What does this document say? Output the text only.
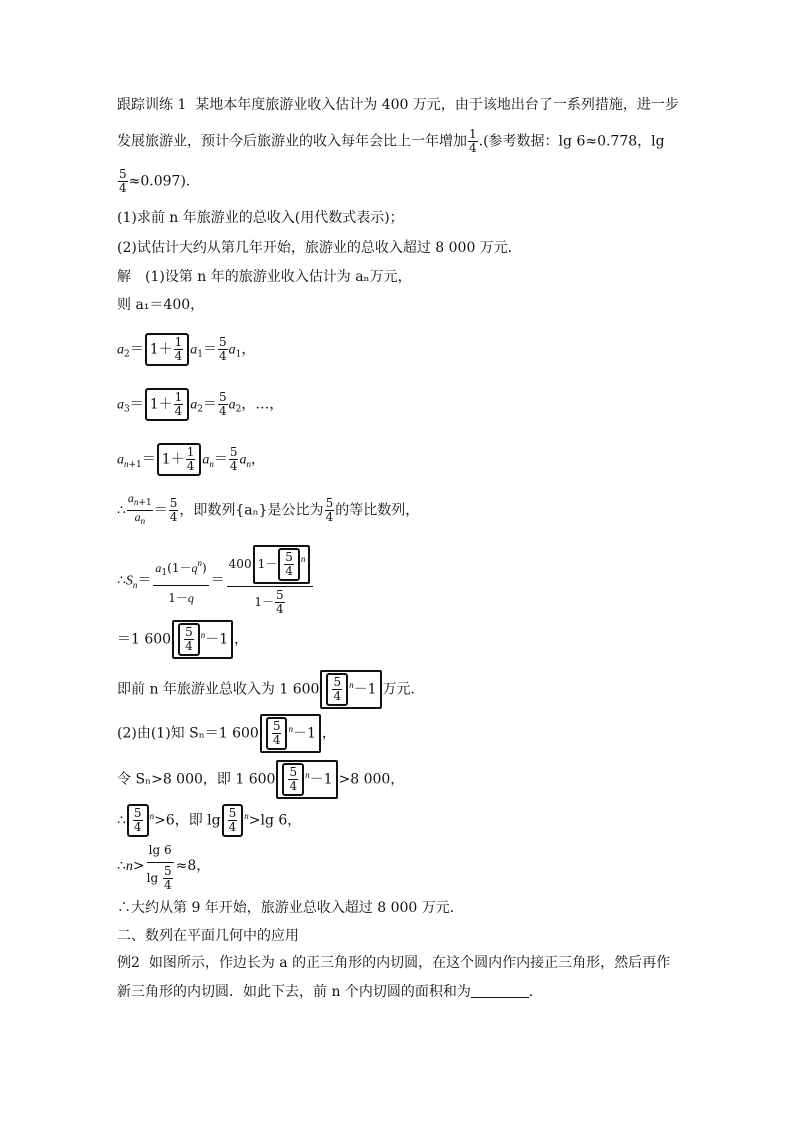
跟踪训练 1 某地本年度旅游业收入估计为 400 万元，由于该地出台了一系列措施，进一步
发展旅游业，预计今后旅游业的收入每年会比上一年增加 $\frac{1}{4}$ .(参考数据：lg 6≈0.778，lg
$\frac{5}{4} \approx 0.097$).
(1)求前 n 年旅游业的总收入(用代数式表示)；
(2)试估计大约从第几年开始，旅游业的总收入超过 8 000 万元．
解　(1)设第 n 年的旅游业收入估计为 aₙ万元，
则 a₁＝400，
$a_2= 1+ \frac{1}{4} a_1= \frac{5}{4} a_1$，
$a_3= 1+ \frac{1}{4} a_2= \frac{5}{4} a_2$，…，
$a_{n+1}= 1+ \frac{1}{4} a_n= \frac{5}{4} a_n$，
∴ $\frac{a_{n+1}}{a_n} = \frac{5}{4}$ ，即数列{aₙ}是公比为 $\frac{5}{4}$ 的等比数列，
$\therefore S_n= \frac{a_1(1-q^n)}{1-q} = \frac{400 1- \frac{5}{4} ^n}{1- \frac{5}{4}}$
＝1 $600 \frac{5}{4} ^n-1$ ，
即前 n 年旅游业总收入为 1 $600 \frac{5}{4} ^n-1$ 万元．
(2)由(1)知 Sₙ＝1 $600 \frac{5}{4} ^n-1$ ，
令 Sₙ>8 000，即 1 $600 \frac{5}{4} ^n-1 >8$ 000，
∴ $\frac{5}{4} ^n>6$，即 $\lg \frac{5}{4} ^n>\lg$ 6，
∴n> $\frac{\lg 6}{\lg \frac{5}{4}} \approx 8$，
∴大约从第 9 年开始，旅游业总收入超过 8 000 万元．
二、数列在平面几何中的应用
例2 如图所示，作边长为 a 的正三角形的内切圆，在这个圆内作内接正三角形，然后再作
新三角形的内切圆．如此下去，前 n 个内切圆的面积和为	．
